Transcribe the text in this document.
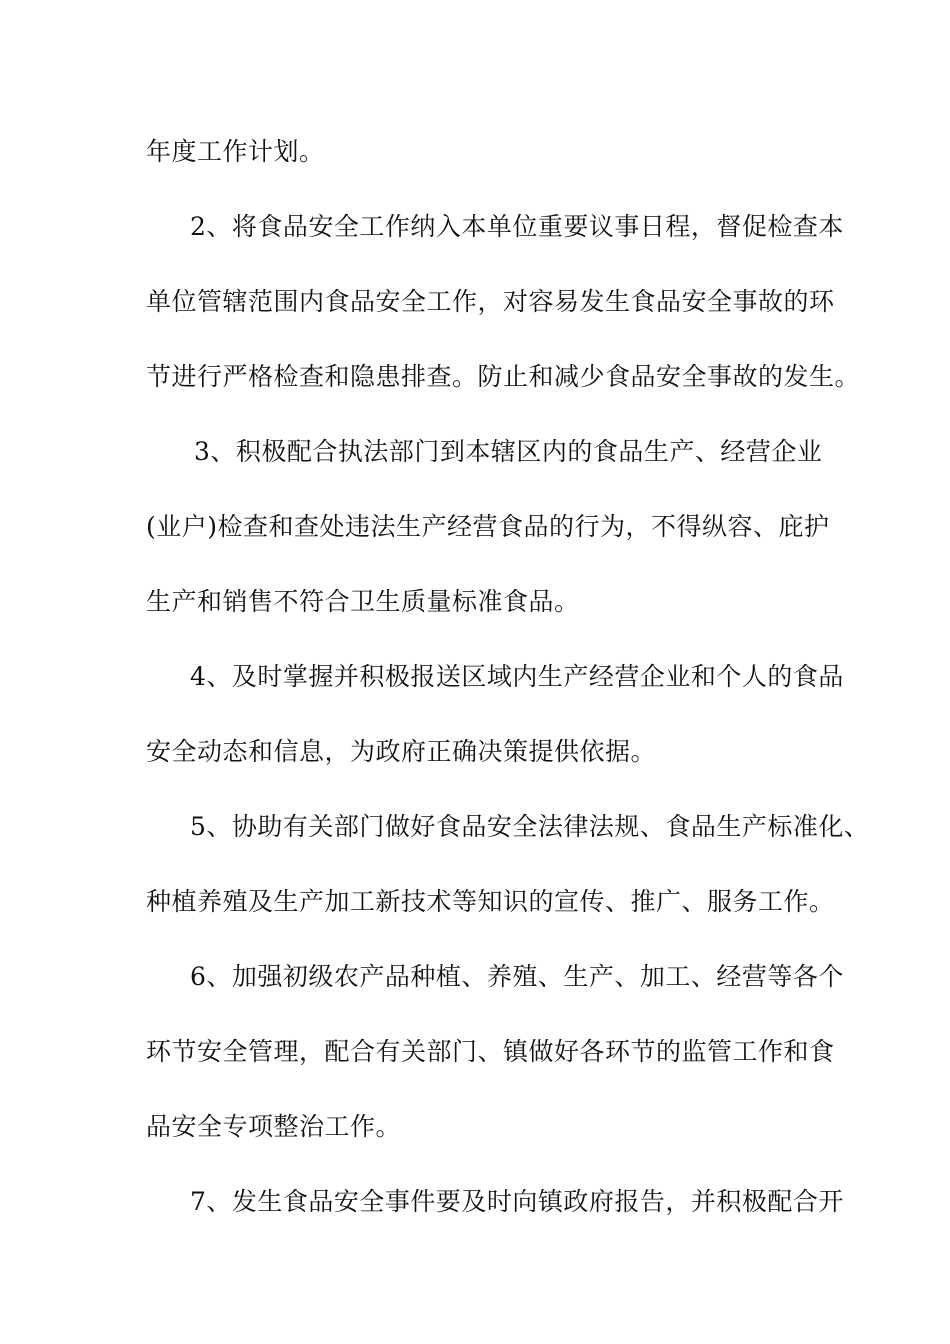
年度工作计划。
2、将食品安全工作纳入本单位重要议事日程，督促检查本
单位管辖范围内食品安全工作，对容易发生食品安全事故的环
节进行严格检查和隐患排查。防止和减少食品安全事故的发生。
3、积极配合执法部门到本辖区内的食品生产、经营企业
(业户)检查和查处违法生产经营食品的行为，不得纵容、庇护
生产和销售不符合卫生质量标准食品。
4、及时掌握并积极报送区域内生产经营企业和个人的食品
安全动态和信息，为政府正确决策提供依据。
5、协助有关部门做好食品安全法律法规、食品生产标准化、
种植养殖及生产加工新技术等知识的宣传、推广、服务工作。
6、加强初级农产品种植、养殖、生产、加工、经营等各个
环节安全管理，配合有关部门、镇做好各环节的监管工作和食
品安全专项整治工作。
7、发生食品安全事件要及时向镇政府报告，并积极配合开
